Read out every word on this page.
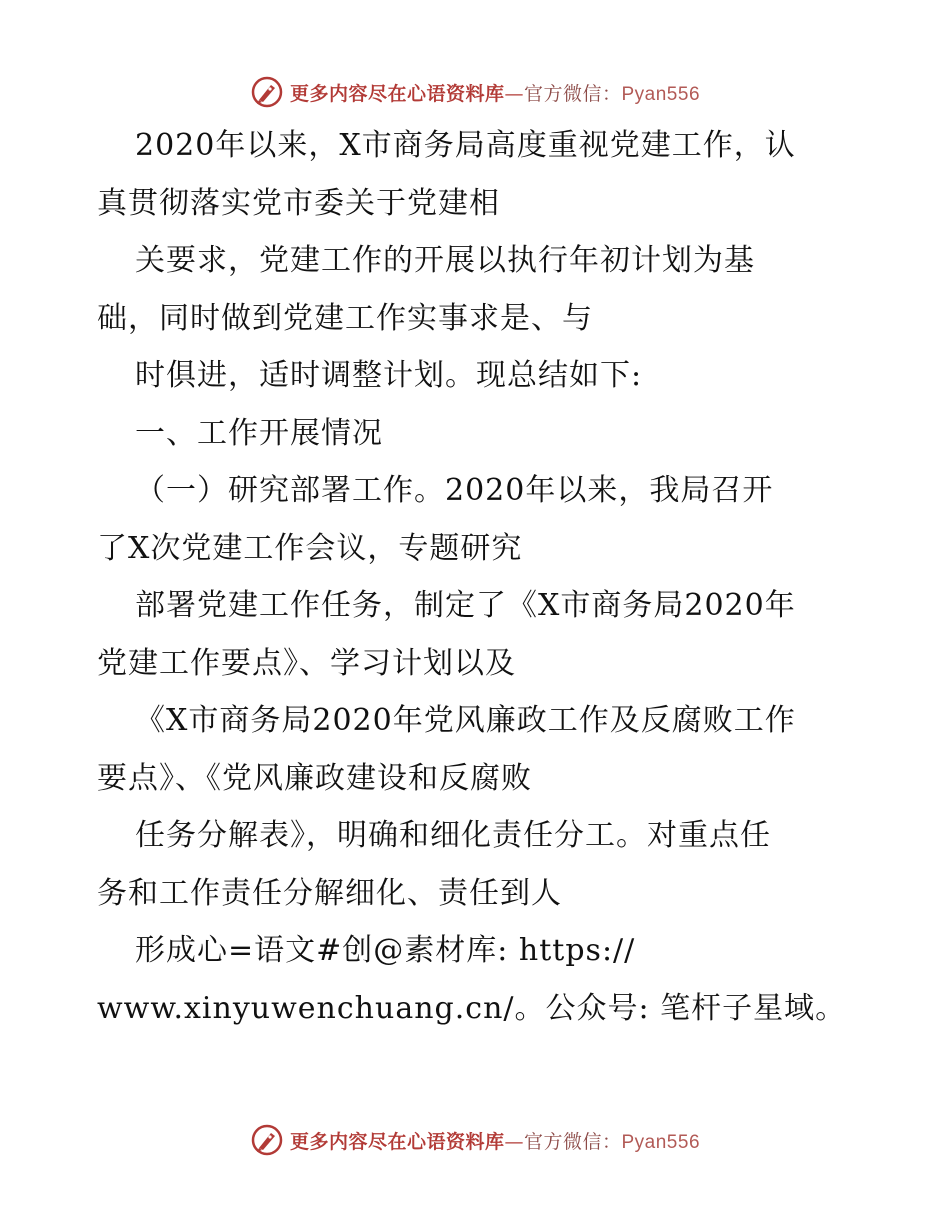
更多内容尽在心语资料库—官方微信：Pyan556
2020年以来，X市商务局高度重视党建工作，认
真贯彻落实党市委关于党建相
关要求，党建工作的开展以执行年初计划为基
础，同时做到党建工作实事求是、与
时俱进，适时调整计划。现总结如下:
一、工作开展情况
（一）研究部署工作。2020年以来，我局召开
了X次党建工作会议，专题研究
部署党建工作任务，制定了《X市商务局2020年
党建工作要点》、学习计划以及
《X市商务局2020年党风廉政工作及反腐败工作
要点》、《党风廉政建设和反腐败
任务分解表》，明确和细化责任分工。对重点任
务和工作责任分解细化、责任到人
形成心=语文#创@素材库: https://
www.xinyuwenchuang.cn/。公众号: 笔杆子星域。
更多内容尽在心语资料库—官方微信：Pyan556
